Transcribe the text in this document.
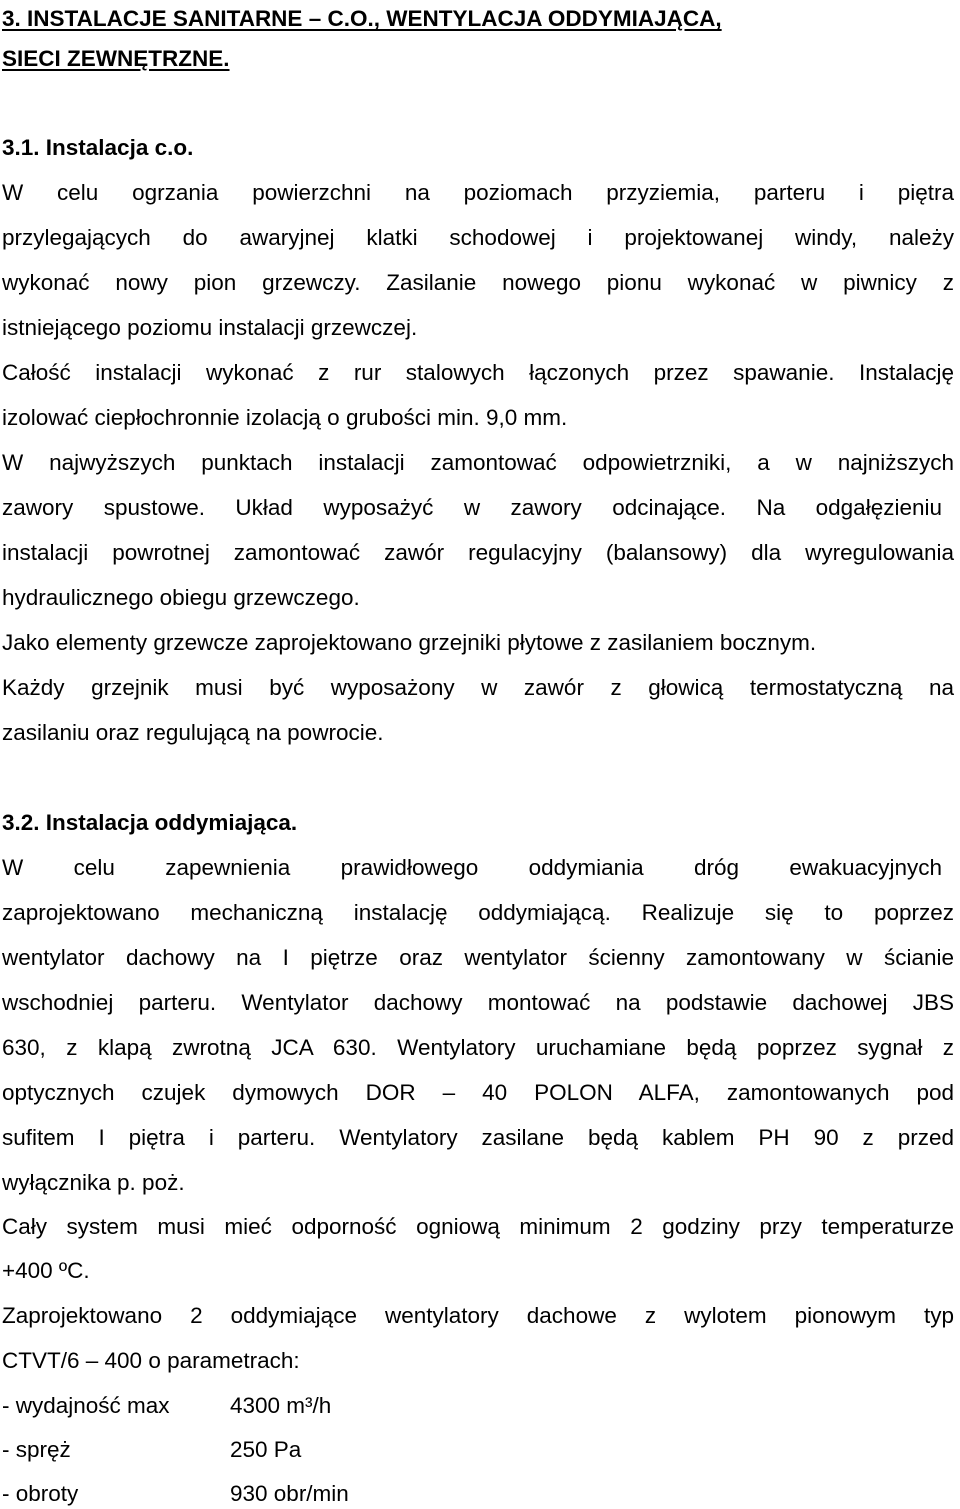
3. INSTALACJE SANITARNE – C.O., WENTYLACJA ODDYMIAJĄCA,
SIECI ZEWNĘTRZNE.
3.1. Instalacja c.o.
W celu ogrzania powierzchni na poziomach przyziemia, parteru i piętra
przylegających do awaryjnej klatki schodowej i projektowanej windy, należy
wykonać nowy pion grzewczy. Zasilanie nowego pionu wykonać w piwnicy z
istniejącego poziomu instalacji grzewczej.
Całość instalacji wykonać z rur stalowych łączonych przez spawanie. Instalację
izolować ciepłochronnie izolacją o grubości min. 9,0 mm.
W najwyższych punktach instalacji zamontować odpowietrzniki, a w najniższych
zawory spustowe. Układ wyposażyć w zawory odcinające. Na odgałęzieniu
instalacji powrotnej zamontować zawór regulacyjny (balansowy) dla wyregulowania
hydraulicznego obiegu grzewczego.
Jako elementy grzewcze zaprojektowano grzejniki płytowe z zasilaniem bocznym.
Każdy grzejnik musi być wyposażony w zawór z głowicą termostatyczną na
zasilaniu oraz regulującą na powrocie.
3.2. Instalacja oddymiająca.
W celu zapewnienia prawidłowego oddymiania dróg ewakuacyjnych
zaprojektowano mechaniczną instalację oddymiającą. Realizuje się to poprzez
wentylator dachowy na I piętrze oraz wentylator ścienny zamontowany w ścianie
wschodniej parteru. Wentylator dachowy montować na podstawie dachowej JBS
630, z klapą zwrotną JCA 630. Wentylatory uruchamiane będą poprzez sygnał z
optycznych czujek dymowych DOR – 40 POLON ALFA, zamontowanych pod
sufitem I piętra i parteru. Wentylatory zasilane będą kablem PH 90 z przed
wyłącznika p. poż.
Cały system musi mieć odporność ogniową minimum 2 godziny przy temperaturze
+400 ºC.
Zaprojektowano 2 oddymiające wentylatory dachowe z wylotem pionowym typ
CTVT/6 – 400 o parametrach:
- wydajność max	4300 m³/h
- spręż	250 Pa
- obroty	930 obr/min
